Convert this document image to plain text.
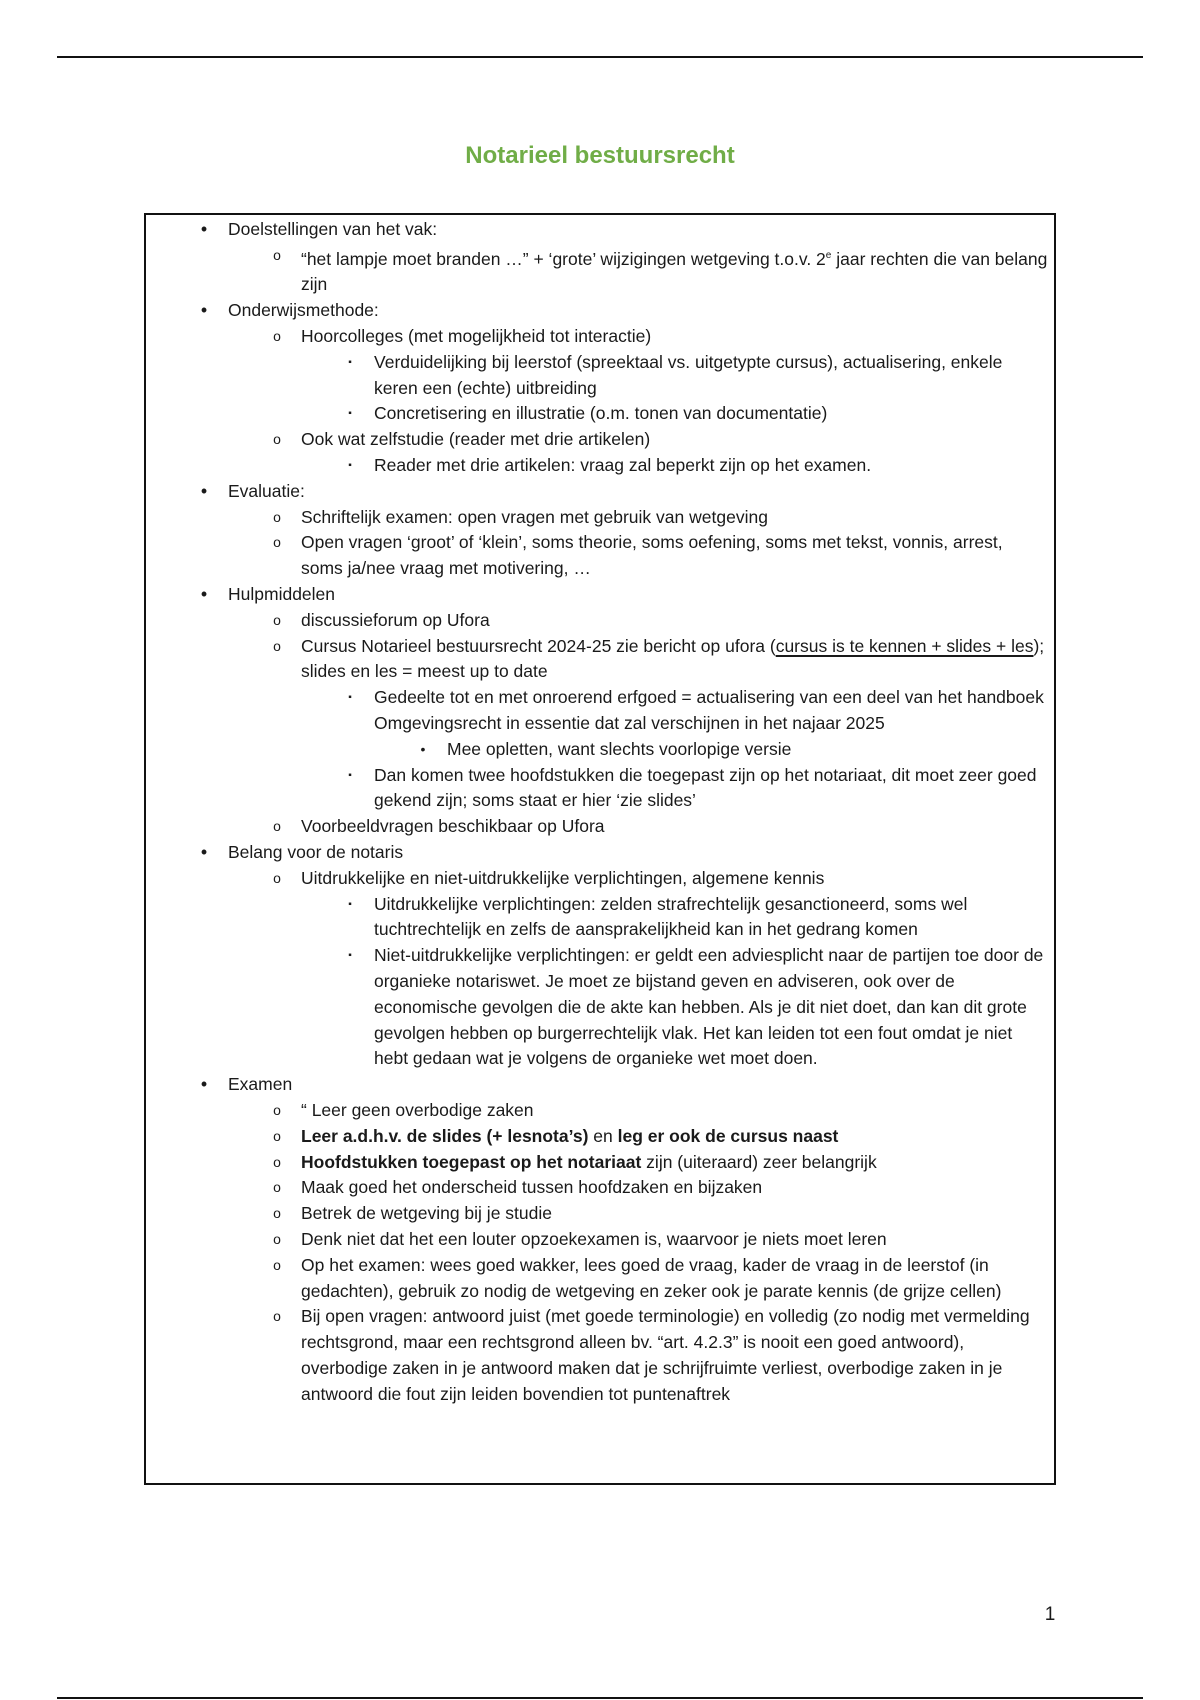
Notarieel bestuursrecht
•	Doelstellingen van het vak:
o	“het lampje moet branden …” + ‘grote’ wijzigingen wetgeving t.o.v. 2e jaar rechten die van belang zijn
•	Onderwijsmethode:
o	Hoorcolleges (met mogelijkheid tot interactie)
▪	Verduidelijking bij leerstof (spreektaal vs. uitgetypte cursus), actualisering, enkele keren een (echte) uitbreiding
▪	Concretisering en illustratie (o.m. tonen van documentatie)
o	Ook wat zelfstudie (reader met drie artikelen)
▪	Reader met drie artikelen: vraag zal beperkt zijn op het examen.
•	Evaluatie:
o	Schriftelijk examen: open vragen met gebruik van wetgeving
o	Open vragen ‘groot’ of ‘klein’, soms theorie, soms oefening, soms met tekst, vonnis, arrest, soms ja/nee vraag met motivering, …
•	Hulpmiddelen
o	discussieforum op Ufora
o	Cursus Notarieel bestuursrecht 2024-25 zie bericht op ufora (cursus is te kennen + slides + les); slides en les = meest up to date
▪	Gedeelte tot en met onroerend erfgoed = actualisering van een deel van het handboek Omgevingsrecht in essentie dat zal verschijnen in het najaar 2025
•	Mee opletten, want slechts voorlopige versie
▪	Dan komen twee hoofdstukken die toegepast zijn op het notariaat, dit moet zeer goed gekend zijn; soms staat er hier ‘zie slides’
o	Voorbeeldvragen beschikbaar op Ufora
•	Belang voor de notaris
o	Uitdrukkelijke en niet-uitdrukkelijke verplichtingen, algemene kennis
▪	Uitdrukkelijke verplichtingen: zelden strafrechtelijk gesanctioneerd, soms wel tuchtrechtelijk en zelfs de aansprakelijkheid kan in het gedrang komen
▪	Niet-uitdrukkelijke verplichtingen: er geldt een adviesplicht naar de partijen toe door de organieke notariswet. Je moet ze bijstand geven en adviseren, ook over de economische gevolgen die de akte kan hebben. Als je dit niet doet, dan kan dit grote gevolgen hebben op burgerrechtelijk vlak. Het kan leiden tot een fout omdat je niet hebt gedaan wat je volgens de organieke wet moet doen.
•	Examen
o	“ Leer geen overbodige zaken
o	Leer a.d.h.v. de slides (+ lesnota’s) en leg er ook de cursus naast
o	Hoofdstukken toegepast op het notariaat zijn (uiteraard) zeer belangrijk
o	Maak goed het onderscheid tussen hoofdzaken en bijzaken
o	Betrek de wetgeving bij je studie
o	Denk niet dat het een louter opzoekexamen is, waarvoor je niets moet leren
o	Op het examen: wees goed wakker, lees goed de vraag, kader de vraag in de leerstof (in gedachten), gebruik zo nodig de wetgeving en zeker ook je parate kennis (de grijze cellen)
o	Bij open vragen: antwoord juist (met goede terminologie) en volledig (zo nodig met vermelding rechtsgrond, maar een rechtsgrond alleen bv. “art. 4.2.3” is nooit een goed antwoord), overbodige zaken in je antwoord maken dat je schrijfruimte verliest, overbodige zaken in je antwoord die fout zijn leiden bovendien tot puntenaftrek
1
